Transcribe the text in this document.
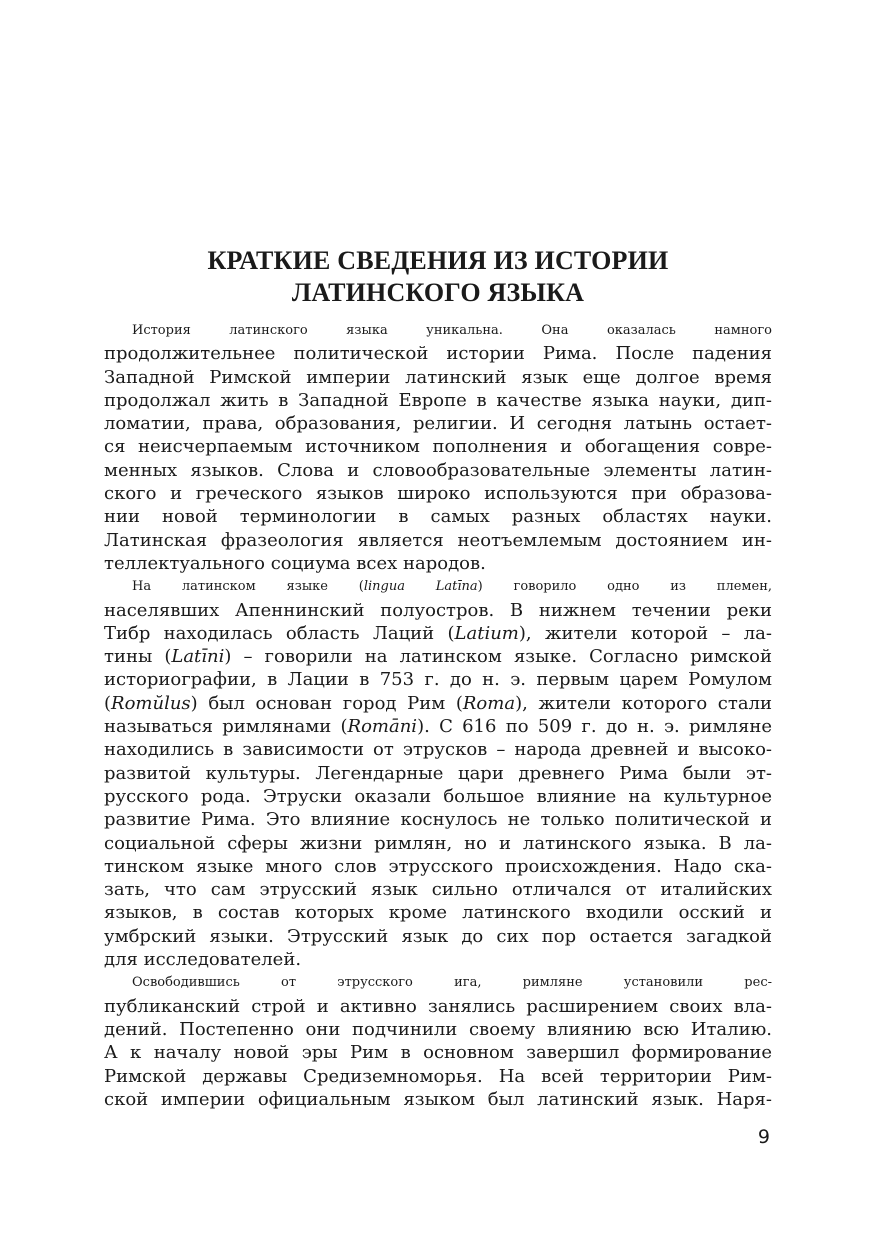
КРАТКИЕ СВЕДЕНИЯ ИЗ ИСТОРИИ
ЛАТИНСКОГО ЯЗЫКА

История латинского языка уникальна. Она оказалась намного
продолжительнее политической истории Рима. После падения
Западной Римской империи латинский язык еще долгое время
продолжал жить в Западной Европе в качестве языка науки, дип-
ломатии, права, образования, религии. И сегодня латынь остает-
ся неисчерпаемым источником пополнения и обогащения совре-
менных языков. Слова и словообразовательные элементы латин-
ского и греческого языков широко используются при образова-
нии новой терминологии в самых разных областях науки.
Латинская фразеология является неотъемлемым достоянием ин-
теллектуального социума всех народов.

На латинском языке (lingua Latīna) говорило одно из племен,
населявших Апеннинский полуостров. В нижнем течении реки
Тибр находилась область Лаций (Latium), жители которой – ла-
тины (Latīni) – говорили на латинском языке. Согласно римской
историографии, в Лации в 753 г. до н. э. первым царем Ромулом
(Romŭlus) был основан город Рим (Roma), жители которого стали
называться римлянами (Romāni). С 616 по 509 г. до н. э. римляне
находились в зависимости от этрусков – народа древней и высоко-
развитой культуры. Легендарные цари древнего Рима были эт-
русского рода. Этруски оказали большое влияние на культурное
развитие Рима. Это влияние коснулось не только политической и
социальной сферы жизни римлян, но и латинского языка. В ла-
тинском языке много слов этрусского происхождения. Надо ска-
зать, что сам этрусский язык сильно отличался от италийских
языков, в состав которых кроме латинского входили осский и
умбрский языки. Этрусский язык до сих пор остается загадкой
для исследователей.

Освободившись от этрусского ига, римляне установили рес-
публиканский строй и активно занялись расширением своих вла-
дений. Постепенно они подчинили своему влиянию всю Италию.
А к началу новой эры Рим в основном завершил формирование
Римской державы Средиземноморья. На всей территории Рим-
ской империи официальным языком был латинский язык. Наря-

9
